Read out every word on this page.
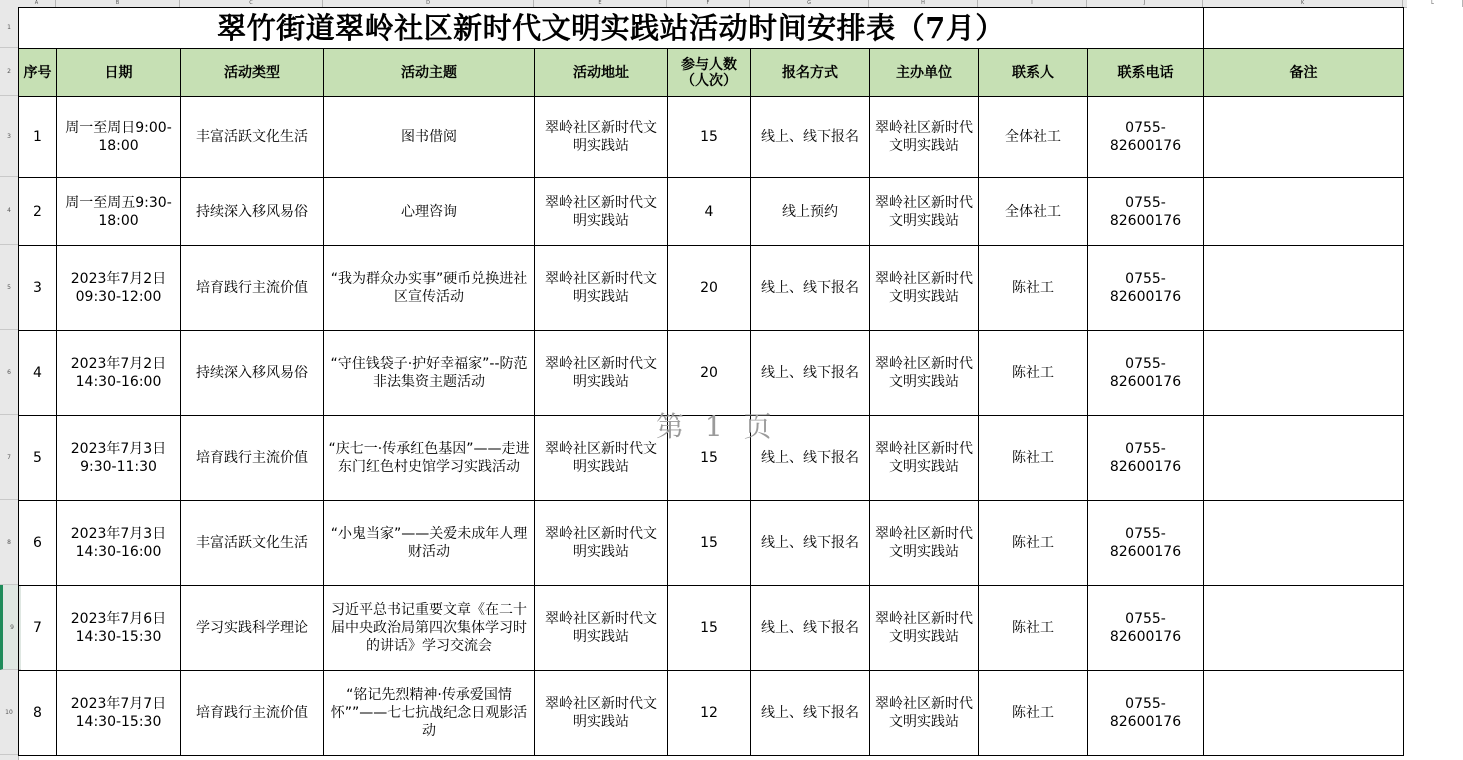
A	B	C	D	E	F	G	H	I	J	K	L
1
2
3
4
5
6
7
8
9
10
翠竹街道翠岭社区新时代文明实践站活动时间安排表（7月）										
序号	日期	活动类型	活动主题	活动地址	参与人数（人次）	报名方式	主办单位	联系人	联系电话	备注
1	周一至周日9:00-18:00	丰富活跃文化生活	图书借阅	翠岭社区新时代文明实践站	15	线上、线下报名	翠岭社区新时代文明实践站	全体社工	0755-82600176	
2	周一至周五9:30-18:00	持续深入移风易俗	心理咨询	翠岭社区新时代文明实践站	4	线上预约	翠岭社区新时代文明实践站	全体社工	0755-82600176	
3	2023年7月2日09:30-12:00	培育践行主流价值	“我为群众办实事”硬币兑换进社区宣传活动	翠岭社区新时代文明实践站	20	线上、线下报名	翠岭社区新时代文明实践站	陈社工	0755-82600176	
4	2023年7月2日14:30-16:00	持续深入移风易俗	“守住钱袋子·护好幸福家”--防范非法集资主题活动	翠岭社区新时代文明实践站	20	线上、线下报名	翠岭社区新时代文明实践站	陈社工	0755-82600176	
5	2023年7月3日9:30-11:30	培育践行主流价值	“庆七一·传承红色基因”——走进东门红色村史馆学习实践活动	翠岭社区新时代文明实践站	15	线上、线下报名	翠岭社区新时代文明实践站	陈社工	0755-82600176	
6	2023年7月3日14:30-16:00	丰富活跃文化生活	“小鬼当家”——关爱未成年人理财活动	翠岭社区新时代文明实践站	15	线上、线下报名	翠岭社区新时代文明实践站	陈社工	0755-82600176	
7	2023年7月6日14:30-15:30	学习实践科学理论	习近平总书记重要文章《在二十届中央政治局第四次集体学习时的讲话》学习交流会	翠岭社区新时代文明实践站	15	线上、线下报名	翠岭社区新时代文明实践站	陈社工	0755-82600176	
8	2023年7月7日14:30-15:30	培育践行主流价值	“铭记先烈精神·传承爱国情怀””——七七抗战纪念日观影活动	翠岭社区新时代文明实践站	12	线上、线下报名	翠岭社区新时代文明实践站	陈社工	0755-82600176	
第 1 页
